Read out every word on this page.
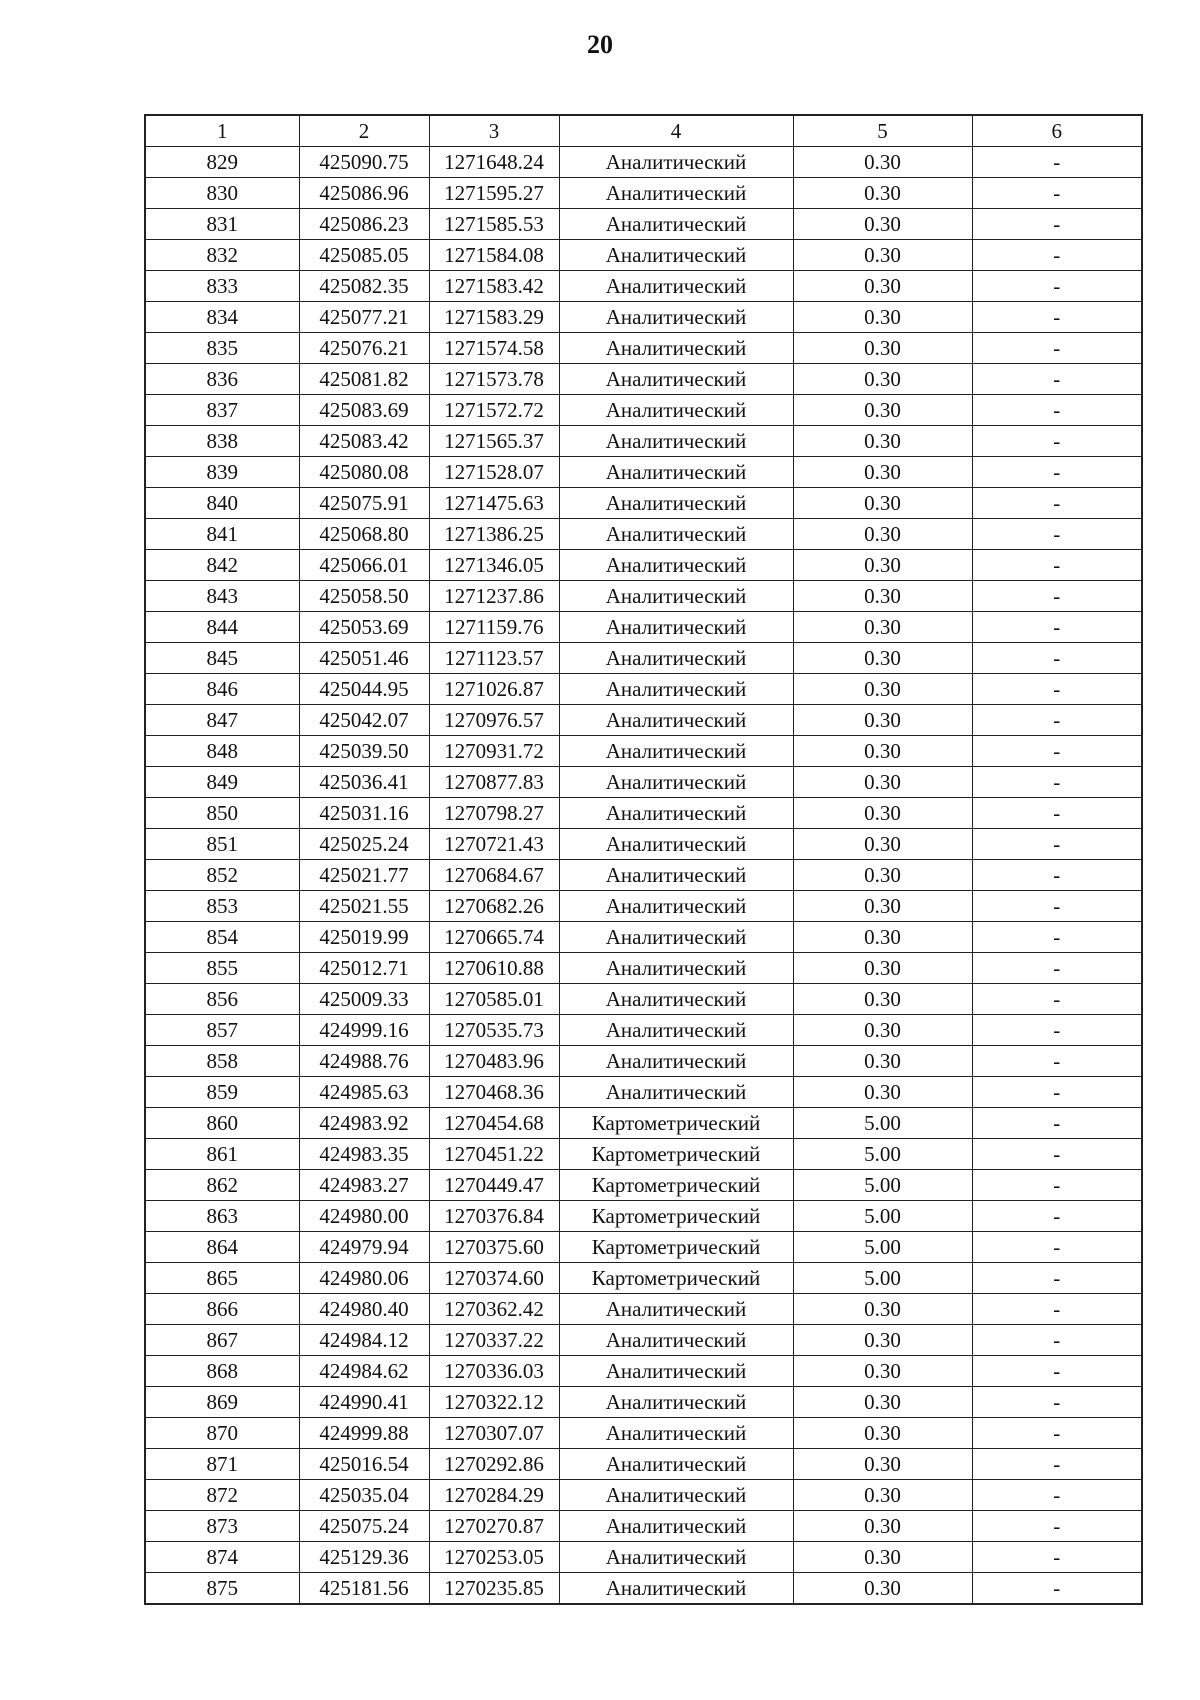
20
1	2	3	4	5	6
829	425090.75	1271648.24	Аналитический	0.30	-
830	425086.96	1271595.27	Аналитический	0.30	-
831	425086.23	1271585.53	Аналитический	0.30	-
832	425085.05	1271584.08	Аналитический	0.30	-
833	425082.35	1271583.42	Аналитический	0.30	-
834	425077.21	1271583.29	Аналитический	0.30	-
835	425076.21	1271574.58	Аналитический	0.30	-
836	425081.82	1271573.78	Аналитический	0.30	-
837	425083.69	1271572.72	Аналитический	0.30	-
838	425083.42	1271565.37	Аналитический	0.30	-
839	425080.08	1271528.07	Аналитический	0.30	-
840	425075.91	1271475.63	Аналитический	0.30	-
841	425068.80	1271386.25	Аналитический	0.30	-
842	425066.01	1271346.05	Аналитический	0.30	-
843	425058.50	1271237.86	Аналитический	0.30	-
844	425053.69	1271159.76	Аналитический	0.30	-
845	425051.46	1271123.57	Аналитический	0.30	-
846	425044.95	1271026.87	Аналитический	0.30	-
847	425042.07	1270976.57	Аналитический	0.30	-
848	425039.50	1270931.72	Аналитический	0.30	-
849	425036.41	1270877.83	Аналитический	0.30	-
850	425031.16	1270798.27	Аналитический	0.30	-
851	425025.24	1270721.43	Аналитический	0.30	-
852	425021.77	1270684.67	Аналитический	0.30	-
853	425021.55	1270682.26	Аналитический	0.30	-
854	425019.99	1270665.74	Аналитический	0.30	-
855	425012.71	1270610.88	Аналитический	0.30	-
856	425009.33	1270585.01	Аналитический	0.30	-
857	424999.16	1270535.73	Аналитический	0.30	-
858	424988.76	1270483.96	Аналитический	0.30	-
859	424985.63	1270468.36	Аналитический	0.30	-
860	424983.92	1270454.68	Картометрический	5.00	-
861	424983.35	1270451.22	Картометрический	5.00	-
862	424983.27	1270449.47	Картометрический	5.00	-
863	424980.00	1270376.84	Картометрический	5.00	-
864	424979.94	1270375.60	Картометрический	5.00	-
865	424980.06	1270374.60	Картометрический	5.00	-
866	424980.40	1270362.42	Аналитический	0.30	-
867	424984.12	1270337.22	Аналитический	0.30	-
868	424984.62	1270336.03	Аналитический	0.30	-
869	424990.41	1270322.12	Аналитический	0.30	-
870	424999.88	1270307.07	Аналитический	0.30	-
871	425016.54	1270292.86	Аналитический	0.30	-
872	425035.04	1270284.29	Аналитический	0.30	-
873	425075.24	1270270.87	Аналитический	0.30	-
874	425129.36	1270253.05	Аналитический	0.30	-
875	425181.56	1270235.85	Аналитический	0.30	-
